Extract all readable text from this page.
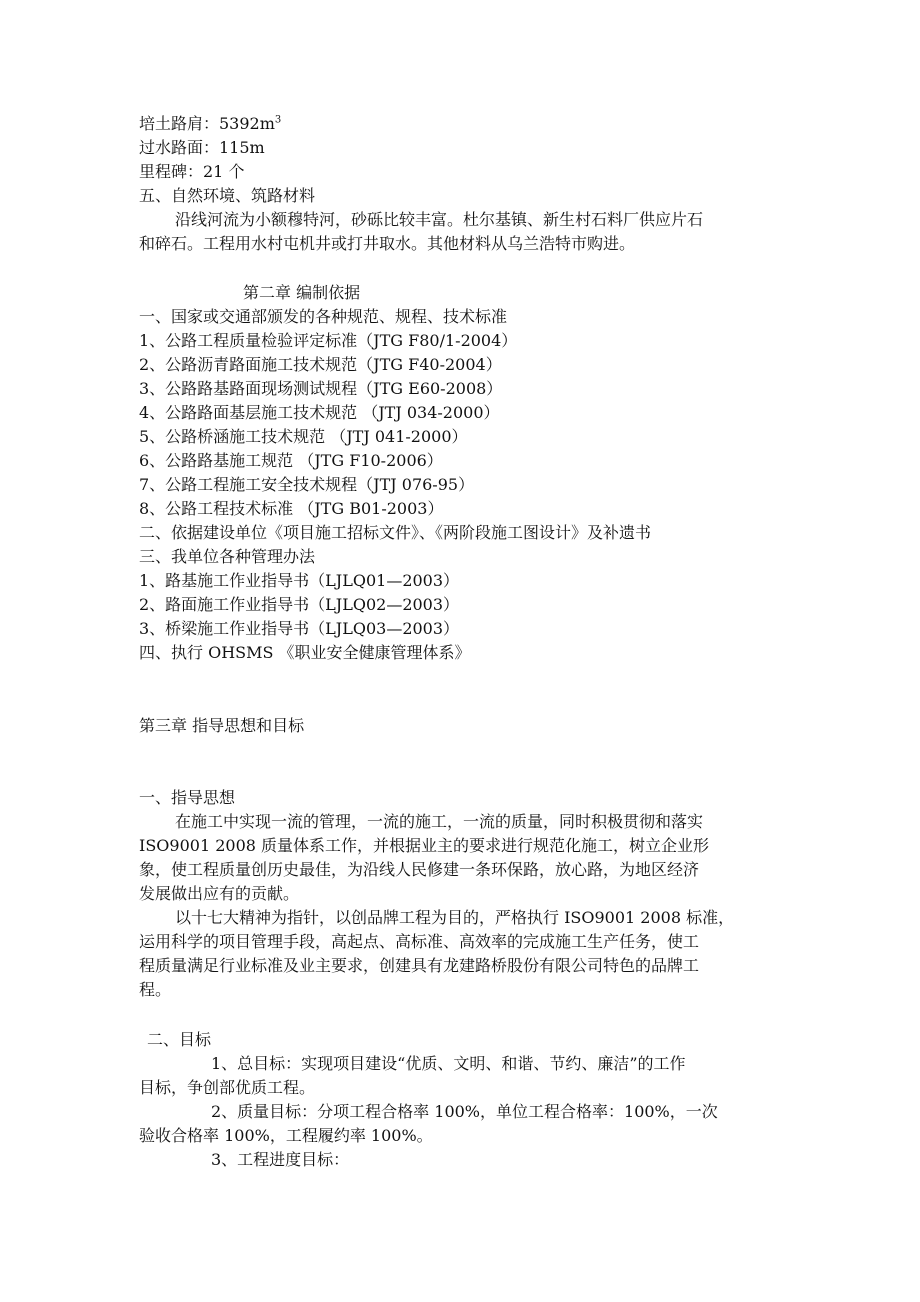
培土路肩：$5392m^3$
过水路面：115m
里程碑：21 个
五、自然环境、筑路材料
沿线河流为小额穆特河，砂砾比较丰富。杜尔基镇、新生村石料厂供应片石
和碎石。工程用水村屯机井或打井取水。其他材料从乌兰浩特市购进。
第二章 编制依据
一、国家或交通部颁发的各种规范、规程、技术标准
1、公路工程质量检验评定标准（JTG F80/1-2004）
2、公路沥青路面施工技术规范（JTG F40-2004）
3、公路路基路面现场测试规程（JTG E60-2008）
4、公路路面基层施工技术规范 （JTJ 034-2000）
5、公路桥涵施工技术规范 （JTJ 041-2000）
6、公路路基施工规范 （JTG F10-2006）
7、公路工程施工安全技术规程（JTJ 076-95）
8、公路工程技术标准 （JTG B01-2003）
二、依据建设单位《项目施工招标文件》、《两阶段施工图设计》及补遗书
三、我单位各种管理办法
1、路基施工作业指导书（LJLQ01—2003）
2、路面施工作业指导书（LJLQ02—2003）
3、桥梁施工作业指导书（LJLQ03—2003）
四、执行 OHSMS 《职业安全健康管理体系》
第三章 指导思想和目标
一、指导思想
在施工中实现一流的管理，一流的施工，一流的质量，同时积极贯彻和落实
ISO9001 2008 质量体系工作，并根据业主的要求进行规范化施工，树立企业形
象，使工程质量创历史最佳，为沿线人民修建一条环保路，放心路，为地区经济
发展做出应有的贡献。
以十七大精神为指针，以创品牌工程为目的，严格执行 ISO9001 2008 标准，
运用科学的项目管理手段，高起点、高标准、高效率的完成施工生产任务，使工
程质量满足行业标准及业主要求，创建具有龙建路桥股份有限公司特色的品牌工
程。
二、目标
1、总目标：实现项目建设“优质、文明、和谐、节约、廉洁”的工作
目标，争创部优质工程。
2、质量目标：分项工程合格率 100%，单位工程合格率：100%，一次
验收合格率 100%，工程履约率 100%。
3、工程进度目标：
